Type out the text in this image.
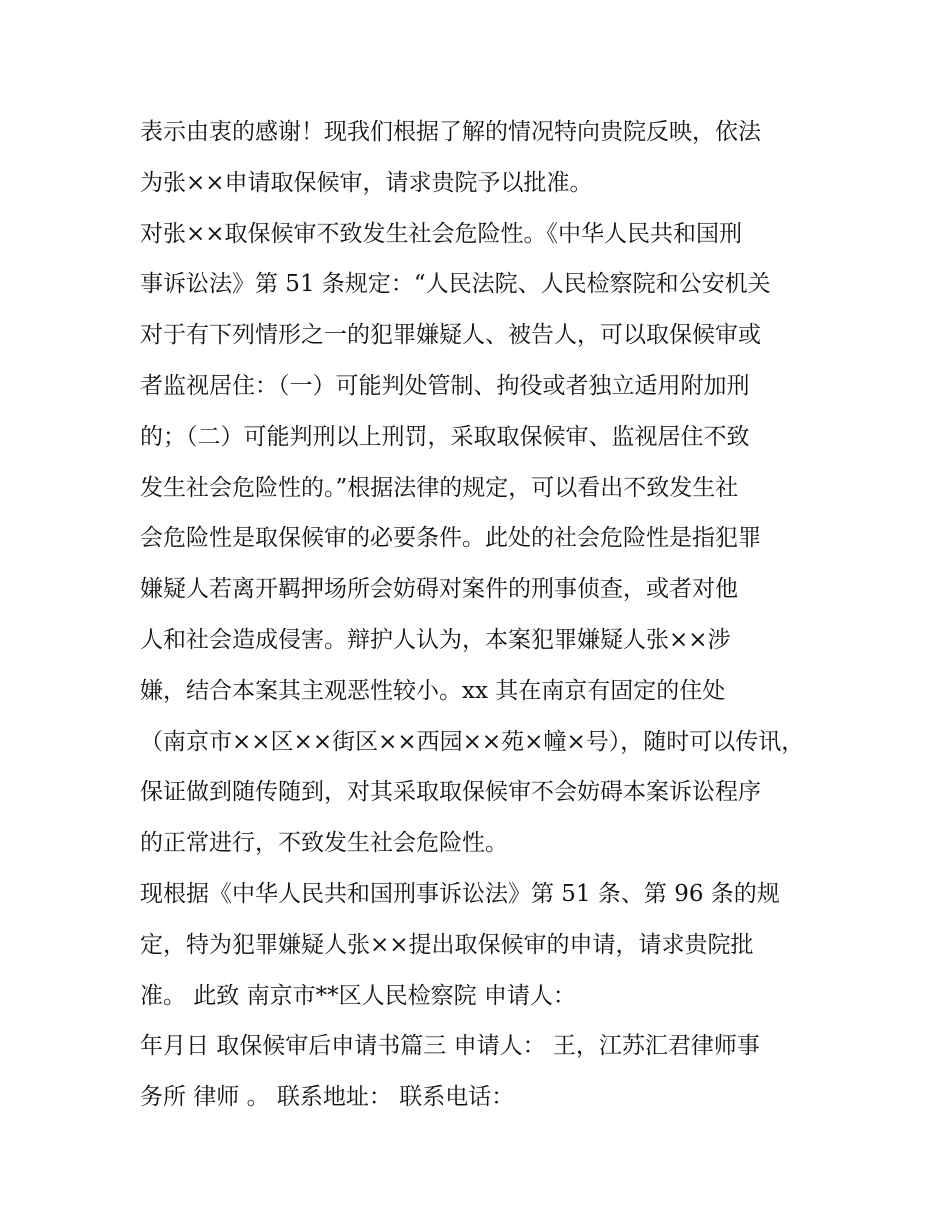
表示由衷的感谢！现我们根据了解的情况特向贵院反映，依法
为张××申请取保候审，请求贵院予以批准。
对张××取保候审不致发生社会危险性。《中华人民共和国刑
事诉讼法》第 51 条规定：“人民法院、人民检察院和公安机关
对于有下列情形之一的犯罪嫌疑人、被告人，可以取保候审或
者监视居住：（一）可能判处管制、拘役或者独立适用附加刑
的；（二）可能判刑以上刑罚，采取取保候审、监视居住不致
发生社会危险性的。”根据法律的规定，可以看出不致发生社
会危险性是取保候审的必要条件。此处的社会危险性是指犯罪
嫌疑人若离开羁押场所会妨碍对案件的刑事侦查，或者对他
人和社会造成侵害。辩护人认为，本案犯罪嫌疑人张××涉
嫌，结合本案其主观恶性较小。xx 其在南京有固定的住处
（南京市××区××街区××西园××苑×幢×号），随时可以传讯，
保证做到随传随到，对其采取取保候审不会妨碍本案诉讼程序
的正常进行，不致发生社会危险性。
现根据《中华人民共和国刑事诉讼法》第 51 条、第 96 条的规
定，特为犯罪嫌疑人张××提出取保候审的申请，请求贵院批
准。 此致 南京市**区人民检察院 申请人：
年月日 取保候审后申请书篇三 申请人： 王，江苏汇君律师事
务所 律师 。 联系地址： 联系电话：
